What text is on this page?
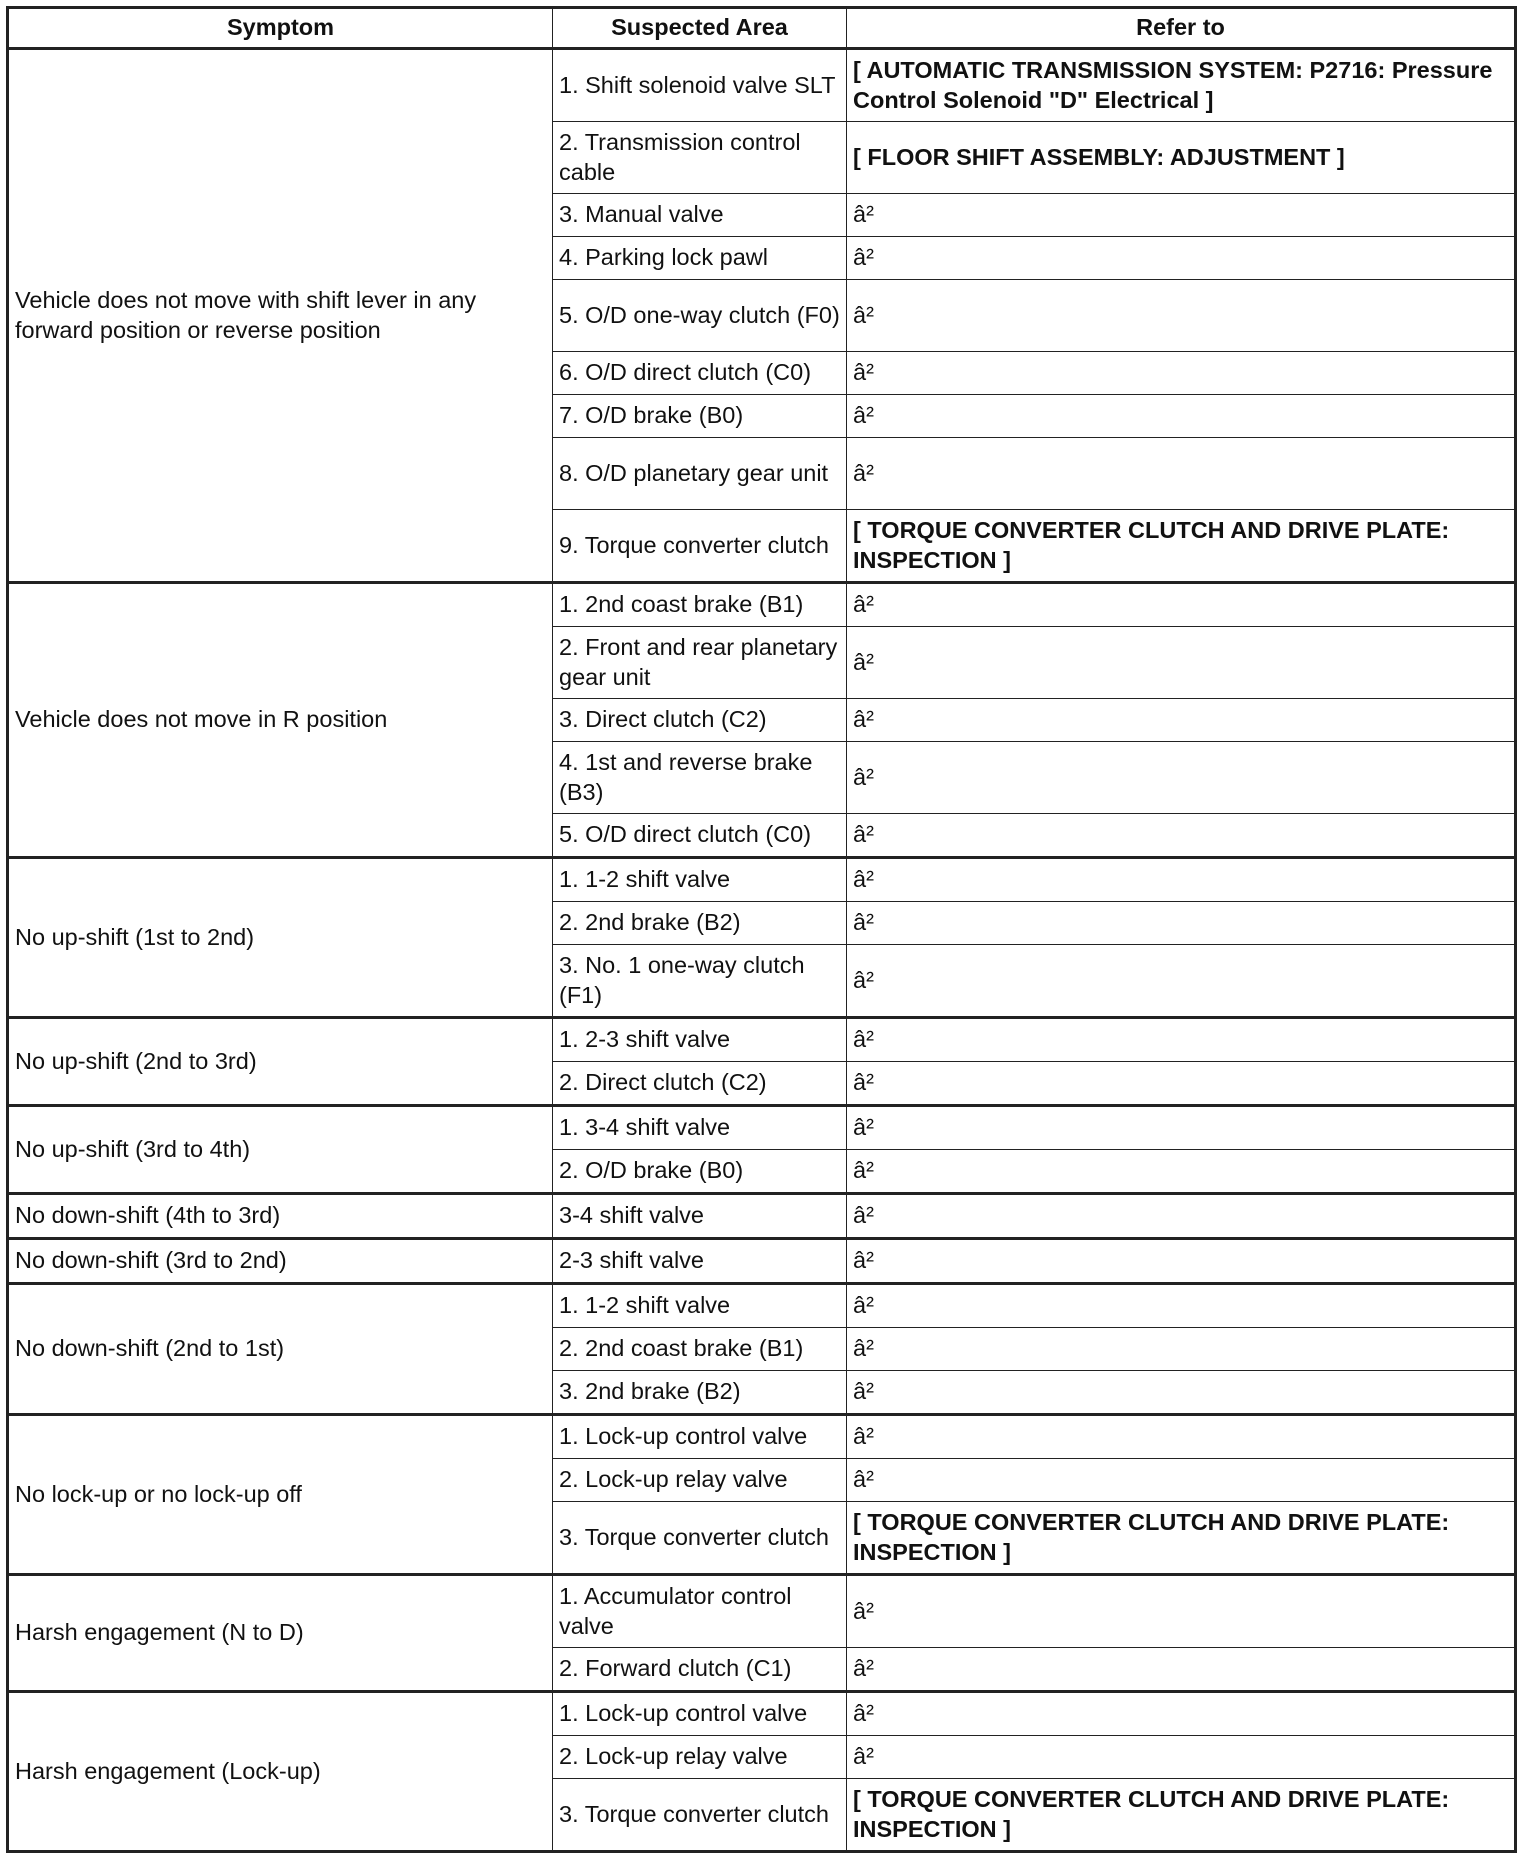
Symptom	Suspected Area	Refer to
Vehicle does not move with shift lever in any forward position or reverse position	1. Shift solenoid valve SLT	[ AUTOMATIC TRANSMISSION SYSTEM: P2716: Pressure Control Solenoid "D" Electrical ]
	2. Transmission control cable	[ FLOOR SHIFT ASSEMBLY: ADJUSTMENT ]
	3. Manual valve	â²
	4. Parking lock pawl	â²
	5. O/D one-way clutch (F0)	â²
	6. O/D direct clutch (C0)	â²
	7. O/D brake (B0)	â²
	8. O/D planetary gear unit	â²
	9. Torque converter clutch	[ TORQUE CONVERTER CLUTCH AND DRIVE PLATE: INSPECTION ]
Vehicle does not move in R position	1. 2nd coast brake (B1)	â²
	2. Front and rear planetary gear unit	â²
	3. Direct clutch (C2)	â²
	4. 1st and reverse brake (B3)	â²
	5. O/D direct clutch (C0)	â²
No up-shift (1st to 2nd)	1. 1-2 shift valve	â²
	2. 2nd brake (B2)	â²
	3. No. 1 one-way clutch (F1)	â²
No up-shift (2nd to 3rd)	1. 2-3 shift valve	â²
	2. Direct clutch (C2)	â²
No up-shift (3rd to 4th)	1. 3-4 shift valve	â²
	2. O/D brake (B0)	â²
No down-shift (4th to 3rd)	3-4 shift valve	â²
No down-shift (3rd to 2nd)	2-3 shift valve	â²
No down-shift (2nd to 1st)	1. 1-2 shift valve	â²
	2. 2nd coast brake (B1)	â²
	3. 2nd brake (B2)	â²
No lock-up or no lock-up off	1. Lock-up control valve	â²
	2. Lock-up relay valve	â²
	3. Torque converter clutch	[ TORQUE CONVERTER CLUTCH AND DRIVE PLATE: INSPECTION ]
Harsh engagement (N to D)	1. Accumulator control valve	â²
	2. Forward clutch (C1)	â²
Harsh engagement (Lock-up)	1. Lock-up control valve	â²
	2. Lock-up relay valve	â²
	3. Torque converter clutch	[ TORQUE CONVERTER CLUTCH AND DRIVE PLATE: INSPECTION ]
